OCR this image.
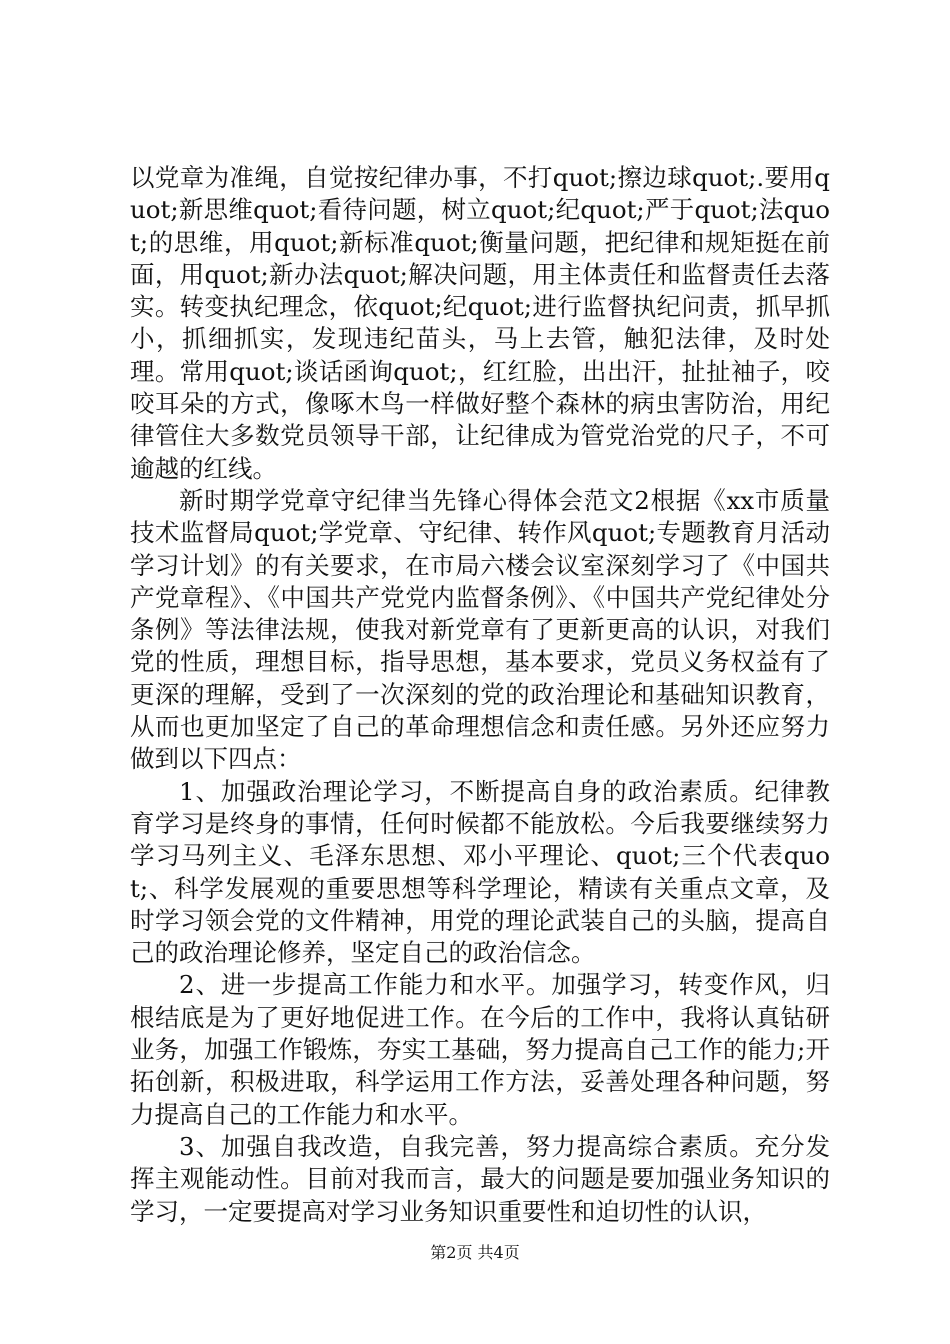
以党章为准绳，自觉按纪律办事，不打quot;擦边球quot;.要用quot;新思维quot;看待问题，树立quot;纪quot;严于quot;法quot;的思维，用quot;新标准quot;衡量问题，把纪律和规矩挺在前面，用quot;新办法quot;解决问题，用主体责任和监督责任去落实。转变执纪理念，依quot;纪quot;进行监督执纪问责，抓早抓小，抓细抓实，发现违纪苗头，马上去管，触犯法律，及时处理。常用quot;谈话函询quot;，红红脸，出出汗，扯扯袖子，咬咬耳朵的方式，像啄木鸟一样做好整个森林的病虫害防治，用纪律管住大多数党员领导干部，让纪律成为管党治党的尺子，不可逾越的红线。

新时期学党章守纪律当先锋心得体会范文2根据《xx市质量技术监督局quot;学党章、守纪律、转作风quot;专题教育月活动学习计划》的有关要求，在市局六楼会议室深刻学习了《中国共产党章程》、《中国共产党党内监督条例》、《中国共产党纪律处分条例》等法律法规，使我对新党章有了更新更高的认识，对我们党的性质，理想目标，指导思想，基本要求，党员义务权益有了更深的理解，受到了一次深刻的党的政治理论和基础知识教育，从而也更加坚定了自己的革命理想信念和责任感。另外还应努力做到以下四点：

1、加强政治理论学习，不断提高自身的政治素质。纪律教育学习是终身的事情，任何时候都不能放松。今后我要继续努力学习马列主义、毛泽东思想、邓小平理论、quot;三个代表quot;、科学发展观的重要思想等科学理论，精读有关重点文章，及时学习领会党的文件精神，用党的理论武装自己的头脑，提高自己的政治理论修养，坚定自己的政治信念。

2、进一步提高工作能力和水平。加强学习，转变作风，归根结底是为了更好地促进工作。在今后的工作中，我将认真钻研业务，加强工作锻炼，夯实工基础，努力提高自己工作的能力;开拓创新，积极进取，科学运用工作方法，妥善处理各种问题，努力提高自己的工作能力和水平。

3、加强自我改造，自我完善，努力提高综合素质。充分发挥主观能动性。目前对我而言，最大的问题是要加强业务知识的学习，一定要提高对学习业务知识重要性和迫切性的认识，

第2页 共4页
